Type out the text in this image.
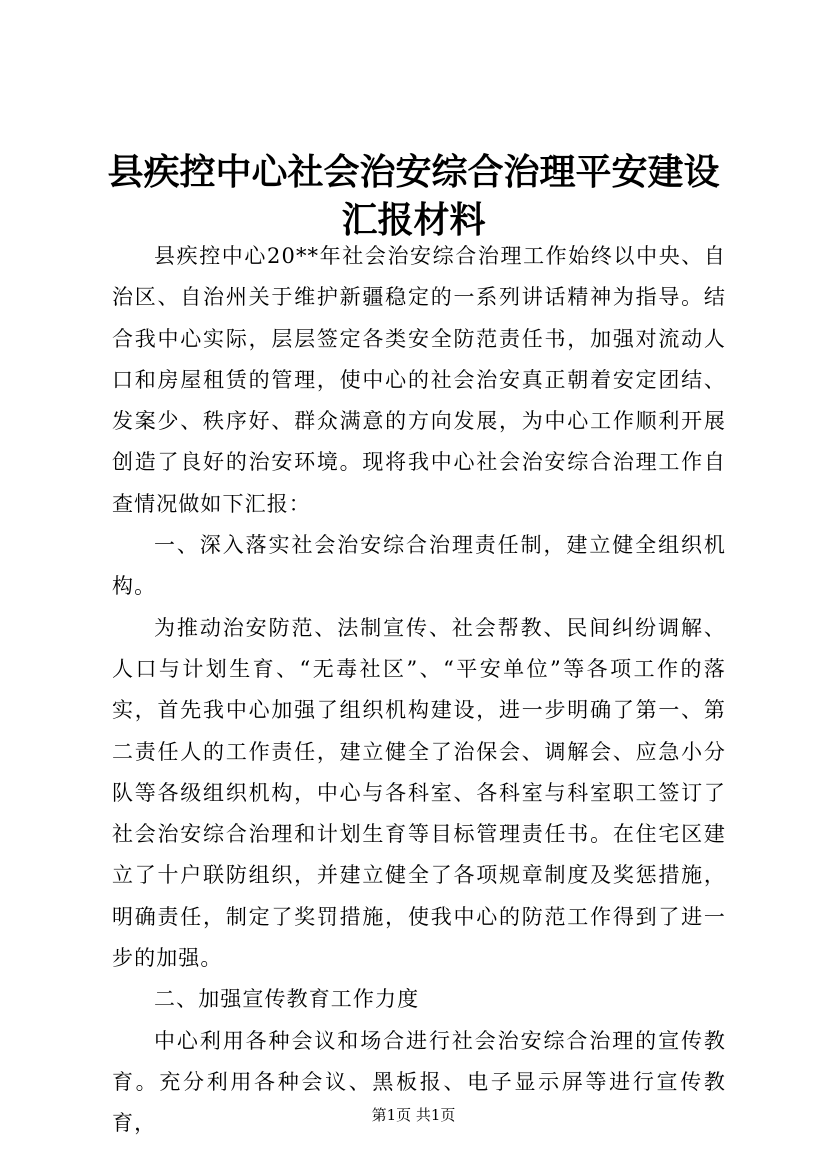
县疾控中心社会治安综合治理平安建设汇报材料

县疾控中心20**年社会治安综合治理工作始终以中央、自治区、自治州关于维护新疆稳定的一系列讲话精神为指导。结合我中心实际，层层签定各类安全防范责任书，加强对流动人口和房屋租赁的管理，使中心的社会治安真正朝着安定团结、发案少、秩序好、群众满意的方向发展，为中心工作顺利开展创造了良好的治安环境。现将我中心社会治安综合治理工作自查情况做如下汇报：

一、深入落实社会治安综合治理责任制，建立健全组织机构。

为推动治安防范、法制宣传、社会帮教、民间纠纷调解、人口与计划生育、“无毒社区”、“平安单位”等各项工作的落实，首先我中心加强了组织机构建设，进一步明确了第一、第二责任人的工作责任，建立健全了治保会、调解会、应急小分队等各级组织机构，中心与各科室、各科室与科室职工签订了社会治安综合治理和计划生育等目标管理责任书。在住宅区建立了十户联防组织，并建立健全了各项规章制度及奖惩措施，明确责任，制定了奖罚措施，使我中心的防范工作得到了进一步的加强。

二、加强宣传教育工作力度

中心利用各种会议和场合进行社会治安综合治理的宣传教育。充分利用各种会议、黑板报、电子显示屏等进行宣传教育，	第1页 共1页
